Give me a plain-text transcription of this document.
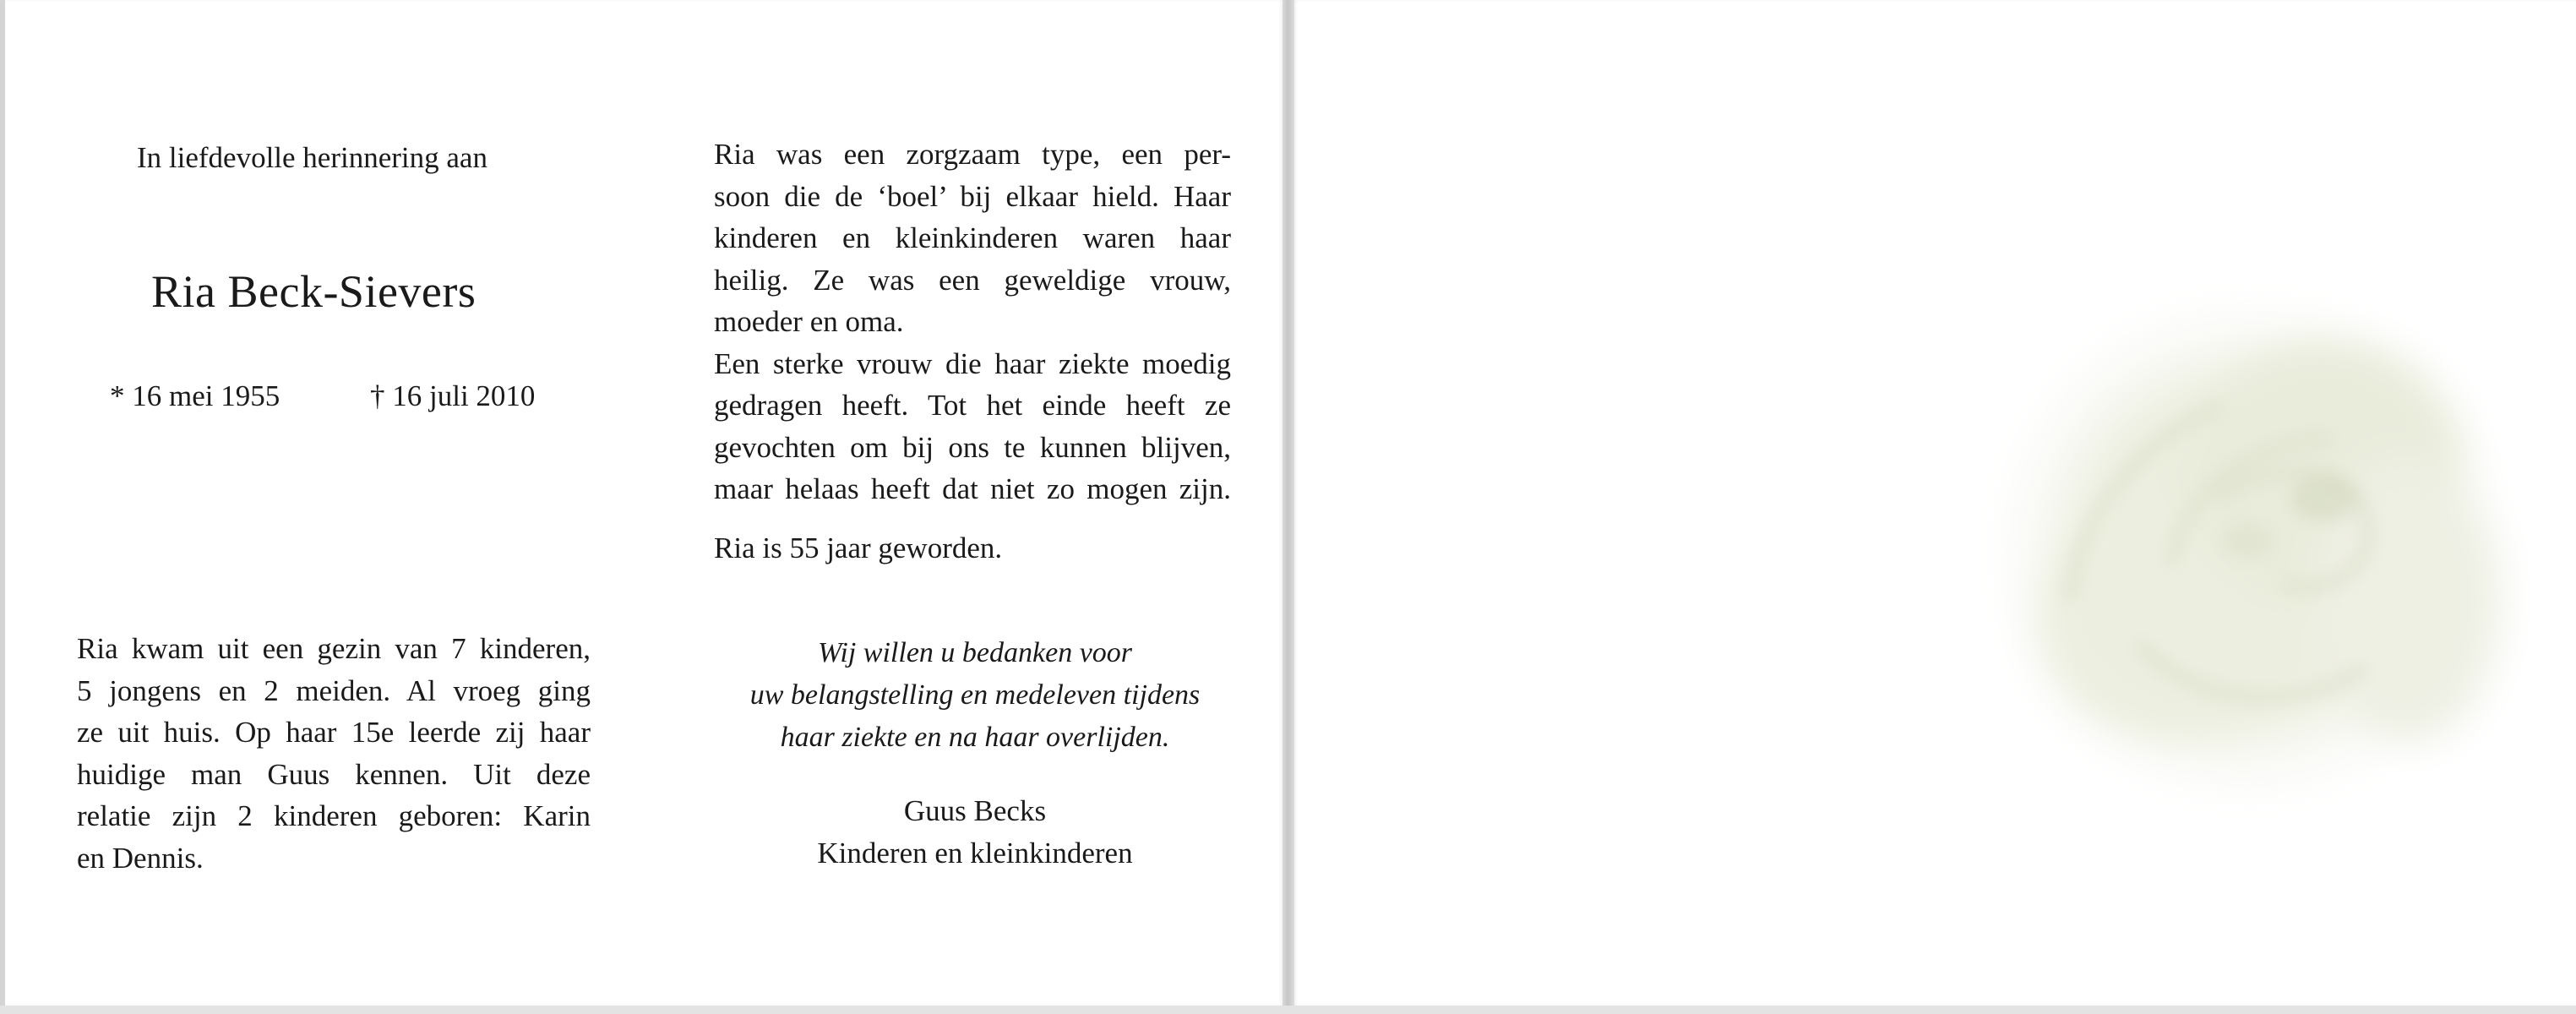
In liefdevolle herinnering aan
Ria Beck-Sievers
* 16 mei 1955	† 16 juli 2010
Ria kwam uit een gezin van 7 kinderen,
5 jongens en 2 meiden. Al vroeg ging
ze uit huis. Op haar 15e leerde zij haar
huidige man Guus kennen. Uit deze
relatie zijn 2 kinderen geboren: Karin
en Dennis.
Ria was een zorgzaam type, een per-
soon die de ‘boel’ bij elkaar hield. Haar
kinderen en kleinkinderen waren haar
heilig. Ze was een geweldige vrouw,
moeder en oma.
Een sterke vrouw die haar ziekte moedig
gedragen heeft. Tot het einde heeft ze
gevochten om bij ons te kunnen blijven,
maar helaas heeft dat niet zo mogen zijn.
Ria is 55 jaar geworden.
Wij willen u bedanken voor
uw belangstelling en medeleven tijdens
haar ziekte en na haar overlijden.
Guus Becks
Kinderen en kleinkinderen
